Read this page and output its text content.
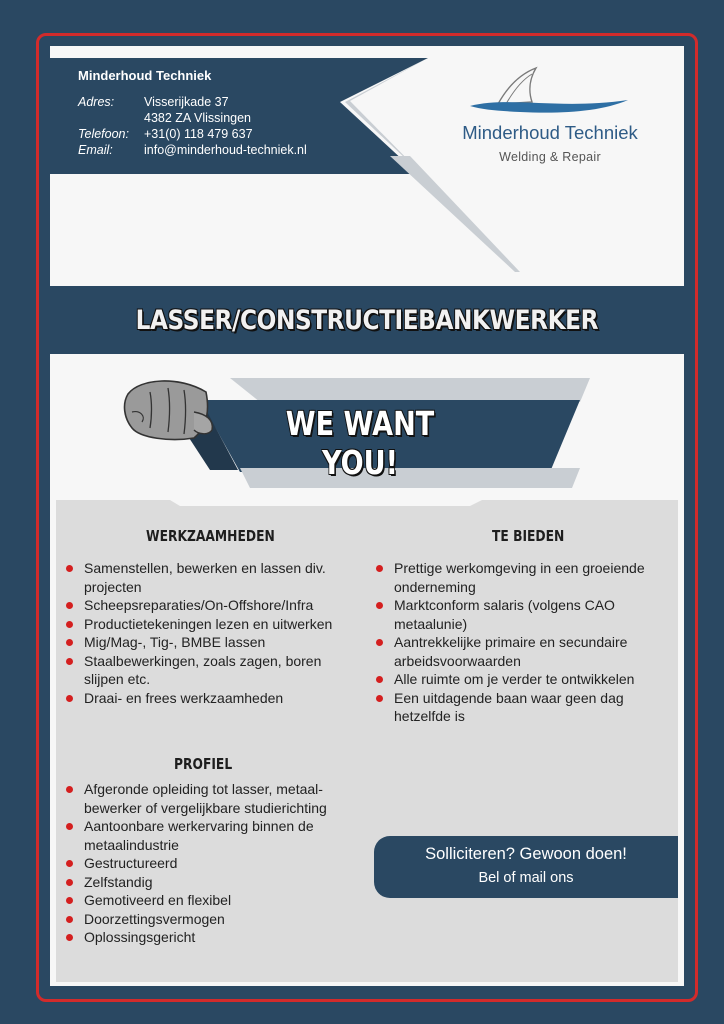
Minderhoud Techniek
Adres:	Visserijkade 37
4382 ZA Vlissingen
Telefoon:	+31(0) 118 479 637
Email:	info@minderhoud-techniek.nl
Minderhoud Techniek
Welding & Repair
LASSER/CONSTRUCTIEBANKWERKER
WE WANT YOU!
WERKZAAMHEDEN
Samenstellen, bewerken en lassen div. projecten
Scheepsreparaties/On-Offshore/Infra
Productietekeningen lezen en uitwerken
Mig/Mag-, Tig-, BMBE lassen
Staalbewerkingen, zoals zagen, boren slijpen etc.
Draai- en frees werkzaamheden
TE BIEDEN
Prettige werkomgeving in een groeiende onderneming
Marktconform salaris (volgens CAO metaalunie)
Aantrekkelijke primaire en secundaire arbeidsvoorwaarden
Alle ruimte om je verder te ontwikkelen
Een uitdagende baan waar geen dag hetzelfde is
PROFIEL
Afgeronde opleiding tot lasser, metaal-bewerker of vergelijkbare studierichting
Aantoonbare werkervaring binnen de metaalindustrie
Gestructureerd
Zelfstandig
Gemotiveerd en flexibel
Doorzettingsvermogen
Oplossingsgericht
Solliciteren? Gewoon doen!
Bel of mail ons
